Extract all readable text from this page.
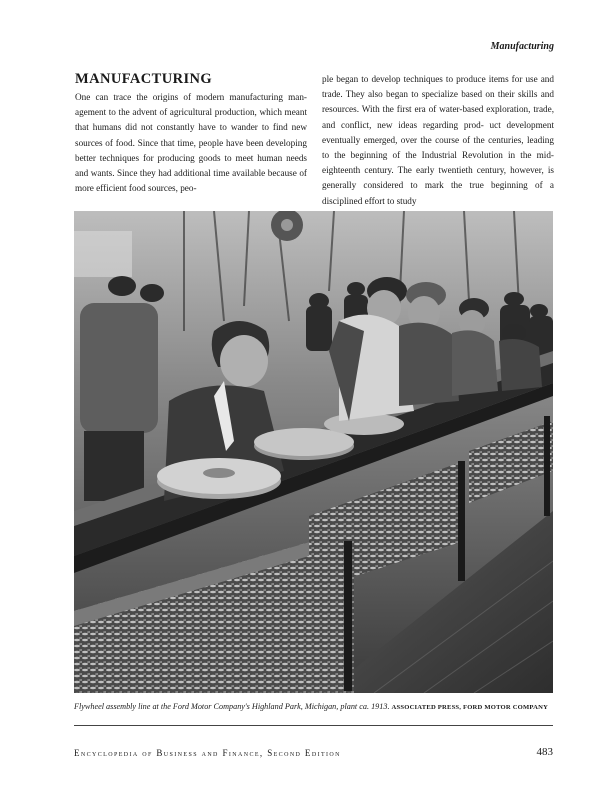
Manufacturing
MANUFACTURING

One can trace the origins of modern manufacturing man- agement to the advent of agricultural production, which meant that humans did not constantly have to wander to find new sources of food. Since that time, people have been developing better techniques for producing goods to meet human needs and wants. Since they had additional time available because of more efficient food sources, peo-

ple began to develop techniques to produce items for use and trade. They also began to specialize based on their skills and resources. With the first era of water-based exploration, trade, and conflict, new ideas regarding prod- uct development eventually emerged, over the course of the centuries, leading to the beginning of the Industrial Revolution in the mid-eighteenth century. The early twentieth century, however, is generally considered to mark the true beginning of a disciplined effort to study

Flywheel assembly line at the Ford Motor Company's Highland Park, Michigan, plant ca. 1913. ASSOCIATED PRESS, FORD MOTOR COMPANY
Encyclopedia of Business and Finance, Second Edition	483
